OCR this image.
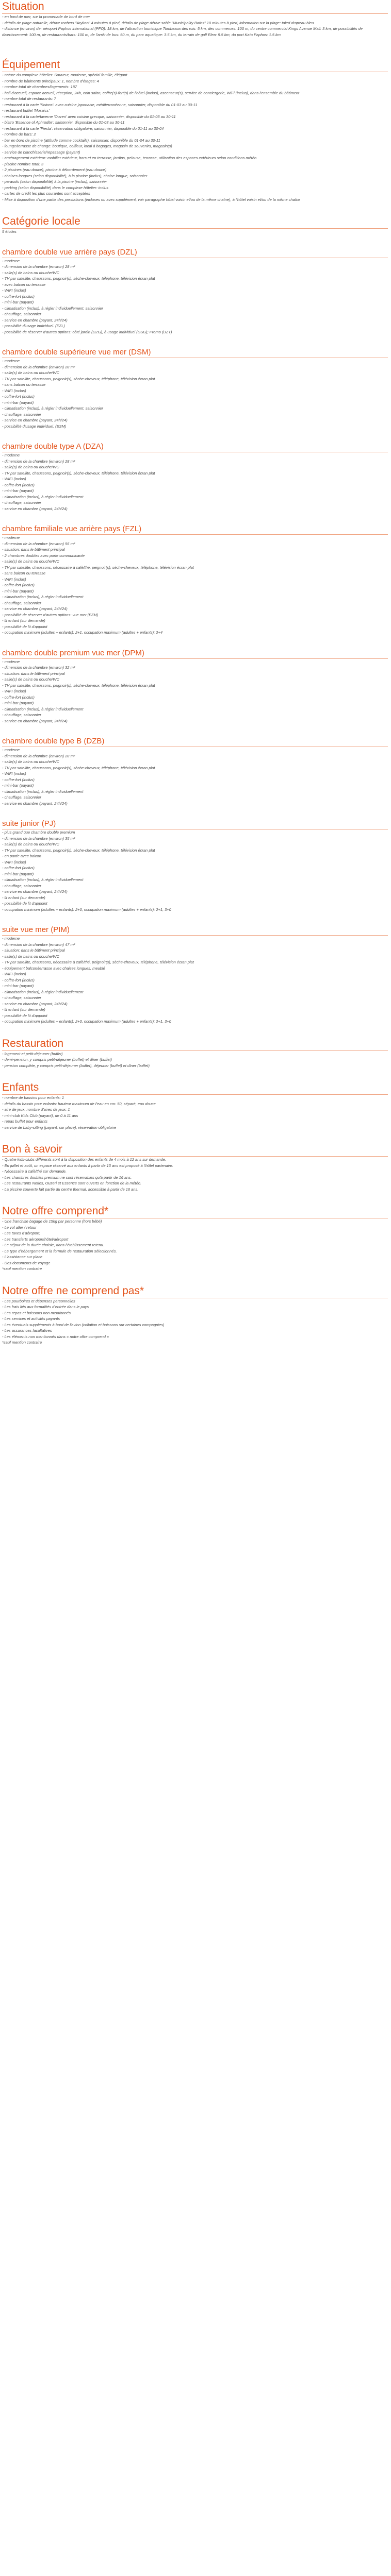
Situation
- en bord de mer, sur la promenade de bord de mer
- détails de plage naturelle, dérive rochers "Arykoo" 4 minutes à pied, détails de plage dérive sable "Municipality Baths" 10 minutes à pied, information sur la plage: taled drapeau bleu
- distance (environ) de: aéroport Paphos international (PFO): 18 km, de l'attraction touristique Tombeaux des rois: 5 km, des commerces: 100 m, du centre commercial Kings Avenue Mall: 3 km, de possibilités de divertissement: 100 m, de restaurants/bars: 100 m, de l'arrêt de bus: 50 m, du parc aquatique: 3.5 km, du terrain de golf Elea: 9.5 km, du port Kato Paphos: 1.5 km
Équipement
- nature du complexe hôtelier: Sauveur, moderne, spécial famille, élégant
- nombre de bâtiments principaux: 1, nombre d'étages: 4
- nombre total de chambres/logements: 187
- hall d'accueil, espace accueil, réception, 24h, coin salon, coffre(s)-fort(s) de l'hôtel (inclus), ascenseur(s), service de conciergerie, WiFi (inclus), dans l'ensemble du bâtiment
- nombre total de restaurants: 7
- restaurant à la carte 'Koinos': avec cuisine japonaise, méditerranéenne, saisonnier, disponible du 01-03 au 30-11
- restaurant buffet 'Mosaics'
- restaurant à la carte/taverne 'Ouzeri' avec cuisine grecque, saisonnier, disponible du 01-03 au 30-11
- bistro 'Essence of Aphrodite': saisonnier, disponible du 01-03 au 30-11
- restaurant à la carte 'Fiesta': réservation obligatoire, saisonnier, disponible du 01-11 au 30-04
- nombre de bars: 2
- bar en bord de piscine (attitude comme cocktails), saisonnier, disponible du 01-04 au 30-11
- lounge/terrasse de change: boutique, coiffeur, local à bagages, magasin de souvenirs, magasin(s)
- service de blanchisserie/repassage (payant)
- aménagement extérieur: mobilier extérieur, hors et en terrasse, jardins, pelouse, terrasse, utilisation des espaces extérieurs selon conditions météo
- piscine nombre total: 3
- 2 piscines (eau douce), piscine à débordement (eau douce)
- chaises longues (selon disponibilité), à la piscine (inclus), chaise longue, saisonnier
- parasols (selon disponibilité) à la piscine (inclus), saisonnier
- parking (selon disponibilité) dans le complexe hôtelier: inclus
- cartes de crédit les plus courantes sont acceptées
- Mise à disposition d'une partie des prestations (incluses ou avec supplément, voir paragraphe hôtel voisin et/ou de la même chaîne), à l'hôtel voisin et/ou de la même chaîne
Catégorie locale
5 étoiles
chambre double vue arrière pays (DZL)
- moderne
- dimension de la chambre (environ) 28 m²
- salle(s) de bains ou douche/WC
- TV par satellite, chaussons, peignoir(s), sèche-cheveux, téléphone, télévision écran plat
- avec balcon ou terrasse
- WIFI (inclus)
- coffre-fort (inclus)
- mini-bar (payant)
- climatisation (inclus), à régler individuellement, saisonnier
- chauffage, saisonnier
- service en chambre (payant, 24h/24)
- possibilité d'usage individuel. (EZL)
- possibilité de réserver d'autres options: côté jardin (DZG), à usage individuel (DSG); Promo (DZT)
chambre double supérieure vue mer (DSM)
- moderne
- dimension de la chambre (environ) 28 m²
- salle(s) de bains ou douche/WC
- TV par satellite, chaussons, peignoir(s), sèche-cheveux, téléphone, télévision écran plat
- sans balcon ou terrasse
- WIFI (inclus)
- coffre-fort (inclus)
- mini-bar (payant)
- climatisation (inclus), à régler individuellement, saisonnier
- chauffage, saisonnier
- service en chambre (payant, 24h/24)
- possibilité d'usage individuel. (ESM)
chambre double type A (DZA)
- moderne
- dimension de la chambre (environ) 28 m²
- salle(s) de bains ou douche/WC
- TV par satellite, chaussons, peignoir(s), sèche-cheveux, téléphone, télévision écran plat
- WIFI (inclus)
- coffre-fort (inclus)
- mini-bar (payant)
- climatisation (inclus), à régler individuellement
- chauffage, saisonnier
- service en chambre (payant, 24h/24)
chambre familiale vue arrière pays (FZL)
- moderne
- dimension de la chambre (environ) 56 m²
- situation: dans le bâtiment principal
- 2 chambres doubles avec porte communicante
- salle(s) de bains ou douche/WC
- TV par satellite, chaussons, nécessaire à café/thé, peignoir(s), sèche-cheveux, téléphone, télévision écran plat
- sans balcon ou terrasse
- WIFI (inclus)
- coffre-fort (inclus)
- mini-bar (payant)
- climatisation (inclus), à régler individuellement
- chauffage, saisonnier
- service en chambre (payant, 24h/24)
- possibilité de réserver d'autres options: vue mer (FZM)
- lit enfant (sur demande)
- possibilité de lit d'appoint
- occupation minimum (adultes + enfants): 2+1, occupation maximum (adultes + enfants): 2+4
chambre double premium vue mer (DPM)
- moderne
- dimension de la chambre (environ) 32 m²
- situation: dans le bâtiment principal
- salle(s) de bains ou douche/WC
- TV par satellite, chaussons, peignoir(s), sèche-cheveux, téléphone, télévision écran plat
- WIFI (inclus)
- coffre-fort (inclus)
- mini-bar (payant)
- climatisation (inclus), à régler individuellement
- chauffage, saisonnier
- service en chambre (payant, 24h/24)
chambre double type B (DZB)
- moderne
- dimension de la chambre (environ) 28 m²
- salle(s) de bains ou douche/WC
- TV par satellite, chaussons, peignoir(s), sèche-cheveux, téléphone, télévision écran plat
- WIFI (inclus)
- coffre-fort (inclus)
- mini-bar (payant)
- climatisation (inclus), à régler individuellement
- chauffage, saisonnier
- service en chambre (payant, 24h/24)
suite junior (PJ)
- plus grand que chambre double premium
- dimension de la chambre (environ) 35 m²
- salle(s) de bains ou douche/WC
- TV par satellite, chaussons, peignoir(s), sèche-cheveux, téléphone, télévision écran plat
- en partie avec balcon
- WIFI (inclus)
- coffre-fort (inclus)
- mini-bar (payant)
- climatisation (inclus), à régler individuellement
- chauffage, saisonnier
- service en chambre (payant, 24h/24)
- lit enfant (sur demande)
- possibilité de lit d'appoint
- occupation minimum (adultes + enfants): 2+0, occupation maximum (adultes + enfants): 2+1, 3+0
suite vue mer (PIM)
- moderne
- dimension de la chambre (environ) 47 m²
- situation: dans le bâtiment principal
- salle(s) de bains ou douche/WC
- TV par satellite, chaussons, nécessaire à café/thé, peignoir(s), sèche-cheveux, téléphone, télévision écran plat
- équipement balcon/terrasse avec chaises longues, meublé
- WIFI (inclus)
- coffre-fort (inclus)
- mini-bar (payant)
- climatisation (inclus), à régler individuellement
- chauffage, saisonnier
- service en chambre (payant, 24h/24)
- lit enfant (sur demande)
- possibilité de lit d'appoint
- occupation minimum (adultes + enfants): 2+0, occupation maximum (adultes + enfants): 2+1, 3+0
Restauration
- logement et petit-déjeuner (buffet)
- demi-pension, y compris petit-déjeuner (buffet) et dîner (buffet)
- pension complète, y compris petit-déjeuner (buffet), déjeuner (buffet) et dîner (buffet)
Enfants
- nombre de bassins pour enfants: 1
- détails du bassin pour enfants: hauteur maximum de l'eau en cm: 50, séparé, eau douce
- aire de jeux: nombre d'aires de jeux: 1
- mini-club Kids Club (payant), de 0 à 11 ans
- repas buffet pour enfants
- service de baby-sitting (payant, sur place), réservation obligatoire
Bon à savoir
- Quatre kids-clubs différents sont à la disposition des enfants de 4 mois à 12 ans sur demande.
- En juillet et août, un espace réservé aux enfants à partir de 13 ans est proposé à l'hôtel partenaire.
- Nécessaire à café/thé sur demande.
- Les chambres doubles premium ne sont réservables qu'à partir de 16 ans.
- Les restaurants Notios, Ouzeri et Essence sont ouverts en fonction de la météo.
- La piscine couverte fait partie du centre thermal, accessible à partir de 16 ans.
Notre offre comprend*
- Une franchise bagage de 15kg par personne (hors bébé)
- Le vol aller / retour
- Les taxes d'aéroport,
- Les transferts aéroport/hôtel/aéroport
- Le séjour de la durée choisie, dans l'établissement retenu.
- Le type d'hébergement et la formule de restauration sélectionnés.
- L'assistance sur place
- Des documents de voyage
*sauf mention contraire
Notre offre ne comprend pas*
- Les pourboires et dépenses personnelles
- Les frais liés aux formalités d'entrée dans le pays
- Les repas et boissons non mentionnés
- Les services et activités payants
- Les éventuels suppléments à bord de l'avion (collation et boissons sur certaines compagnies)
- Les assurances facultatives
- Les éléments non mentionnés dans « notre offre comprend »
*sauf mention contraire
